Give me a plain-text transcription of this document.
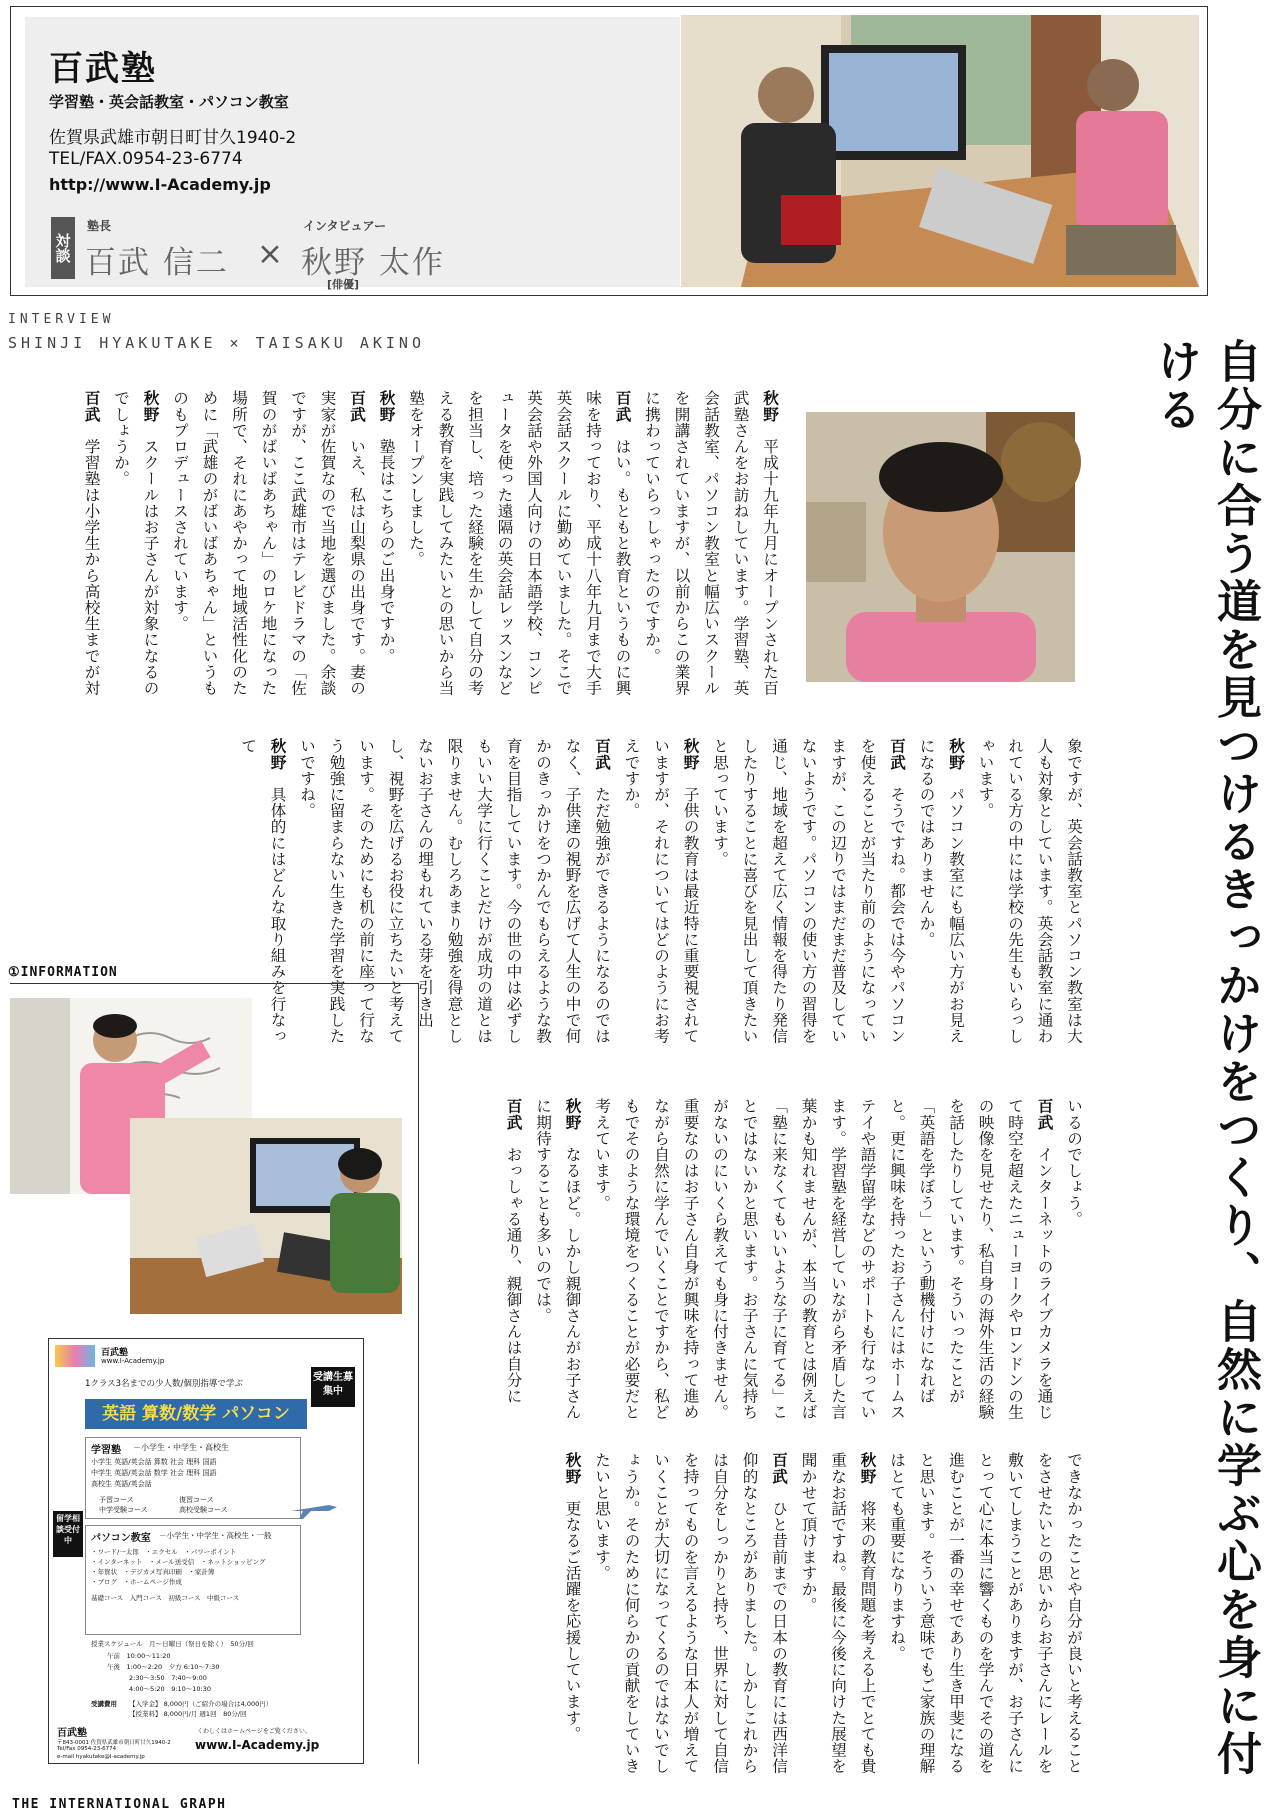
百武塾
学習塾・英会話教室・パソコン教室
佐賀県武雄市朝日町甘久1940-2
TEL/FAX.0954-23-6774
http://www.I-Academy.jp
対談
塾長
百武 信二 ×
インタビュアー
秋野 太作
[俳優]
INTERVIEW
SHINJI HYAKUTAKE × TAISAKU AKINO	自分に合う道を見つけるきっかけをつくり、自然に学ぶ心を身に付ける

秋野　平成十九年九月にオープンされた百武塾さんをお訪ねしています。学習塾、英会話教室、パソコン教室と幅広いスクールを開講されていますが、以前からこの業界に携わっていらっしゃったのですか。

百武　はい。もともと教育というものに興味を持っており、平成十八年九月まで大手英会話スクールに勤めていました。そこで英会話や外国人向けの日本語学校、コンピュータを使った遠隔の英会話レッスンなどを担当し、培った経験を生かして自分の考える教育を実践してみたいとの思いから当塾をオープンしました。

秋野　塾長はこちらのご出身ですか。

百武　いえ、私は山梨県の出身です。妻の実家が佐賀なので当地を選びました。余談ですが、ここ武雄市はテレビドラマの「佐賀のがばいばあちゃん」のロケ地になった場所で、それにあやかって地域活性化のために「武雄のがばいばあちゃん」というものもプロデュースされています。

秋野　スクールはお子さんが対象になるのでしょうか。

百武　学習塾は小学生から高校生までが対

象ですが、英会話教室とパソコン教室は大人も対象としています。英会話教室に通われている方の中には学校の先生もいらっしゃいます。

秋野　パソコン教室にも幅広い方がお見えになるのではありませんか。

百武　そうですね。都会では今やパソコンを使えることが当たり前のようになっていますが、この辺りではまだまだ普及していないようです。パソコンの使い方の習得を通じ、地域を超えて広く情報を得たり発信したりすることに喜びを見出して頂きたいと思っています。

秋野　子供の教育は最近特に重要視されていますが、それについてはどのようにお考えですか。

百武　ただ勉強ができるようになるのではなく、子供達の視野を広げて人生の中で何かのきっかけをつかんでもらえるような教育を目指しています。今の世の中は必ずしもいい大学に行くことだけが成功の道とは限りません。むしろあまり勉強を得意としないお子さんの埋もれている芽を引き出し、視野を広げるお役に立ちたいと考えています。そのためにも机の前に座って行なう勉強に留まらない生きた学習を実践したいですね。

秋野　具体的にはどんな取り組みを行なって

いるのでしょう。

百武　インターネットのライブカメラを通じて時空を超えたニューヨークやロンドンの生の映像を見せたり、私自身の海外生活の経験を話したりしています。そういったことが「英語を学ぼう」という動機付けになればと。更に興味を持ったお子さんにはホームステイや語学留学などのサポートも行なっています。学習塾を経営していながら矛盾した言葉かも知れませんが、本当の教育とは例えば「塾に来なくてもいいような子に育てる」ことではないかと思います。お子さんに気持ちがないのにいくら教えても身に付きません。重要なのはお子さん自身が興味を持って進めながら自然に学んでいくことですから、私どもでそのような環境をつくることが必要だと考えています。

秋野　なるほど。しかし親御さんがお子さんに期待することも多いのでは。

百武　おっしゃる通り、親御さんは自分に

できなかったことや自分が良いと考えることをさせたいとの思いからお子さんにレールを敷いてしまうことがありますが、お子さんにとって心に本当に響くものを学んでその道を進むことが一番の幸せであり生き甲斐になると思います。そういう意味でもご家族の理解はとても重要になりますね。

秋野　将来の教育問題を考える上でとても貴重なお話ですね。最後に今後に向けた展望を聞かせて頂けますか。

百武　ひと昔前までの日本の教育には西洋信仰的なところがありました。しかしこれからは自分をしっかりと持ち、世界に対して自信を持ってものを言えるような日本人が増えていくことが大切になってくるのではないでしょうか。そのために何らかの貢献をしていきたいと思います。

秋野　更なるご活躍を応援しています。

①INFORMATION
百武塾
www.I-Academy.jp
1クラス3名までの少人数/個別指導で学ぶ
受講生募集中
英語 算数/数学 パソコン
学習塾 －小学生・中学生・高校生
小学生 英語/英会話 算数 社会 理科 国語
中学生 英語/英会話 数学 社会 理科 国語
高校生 英語/英会話
予習コース	復習コース
中学受験コース	高校受験コース
留学相談受付中	パソコン教室 －小学生・中学生・高校生・一般
・ワード/一太郎　・エクセル　・パワーポイント
・インターネット　・メール送受信　・ネットショッピング
・年賀状　・デジカメ写真印刷　・家計簿
・ブログ　・ホームページ作成
基礎コース　入門コース　初級コース　中級コース
授業スケジュール　月～日曜日（祭日を除く）　50分/回
午前　10:00～11:20
午後　1:00～2:20　夕方 6:10～7:30
2:30～3:50　7:40～9:00
4:00～5:20　9:10～10:30
受講費用 【入学金】 8,000円（ご紹介の場合は4,000円）
【授業料】 8,000円/月 週1回　80分/回
百武塾
〒843-0001 佐賀県武雄市朝日町甘久1940-2
Tel/Fax 0954-23-6774
e-mail hyakutake@I-academy.jp
くわしくはホームページをご覧ください。
www.I-Academy.jp
THE INTERNATIONAL GRAPH
